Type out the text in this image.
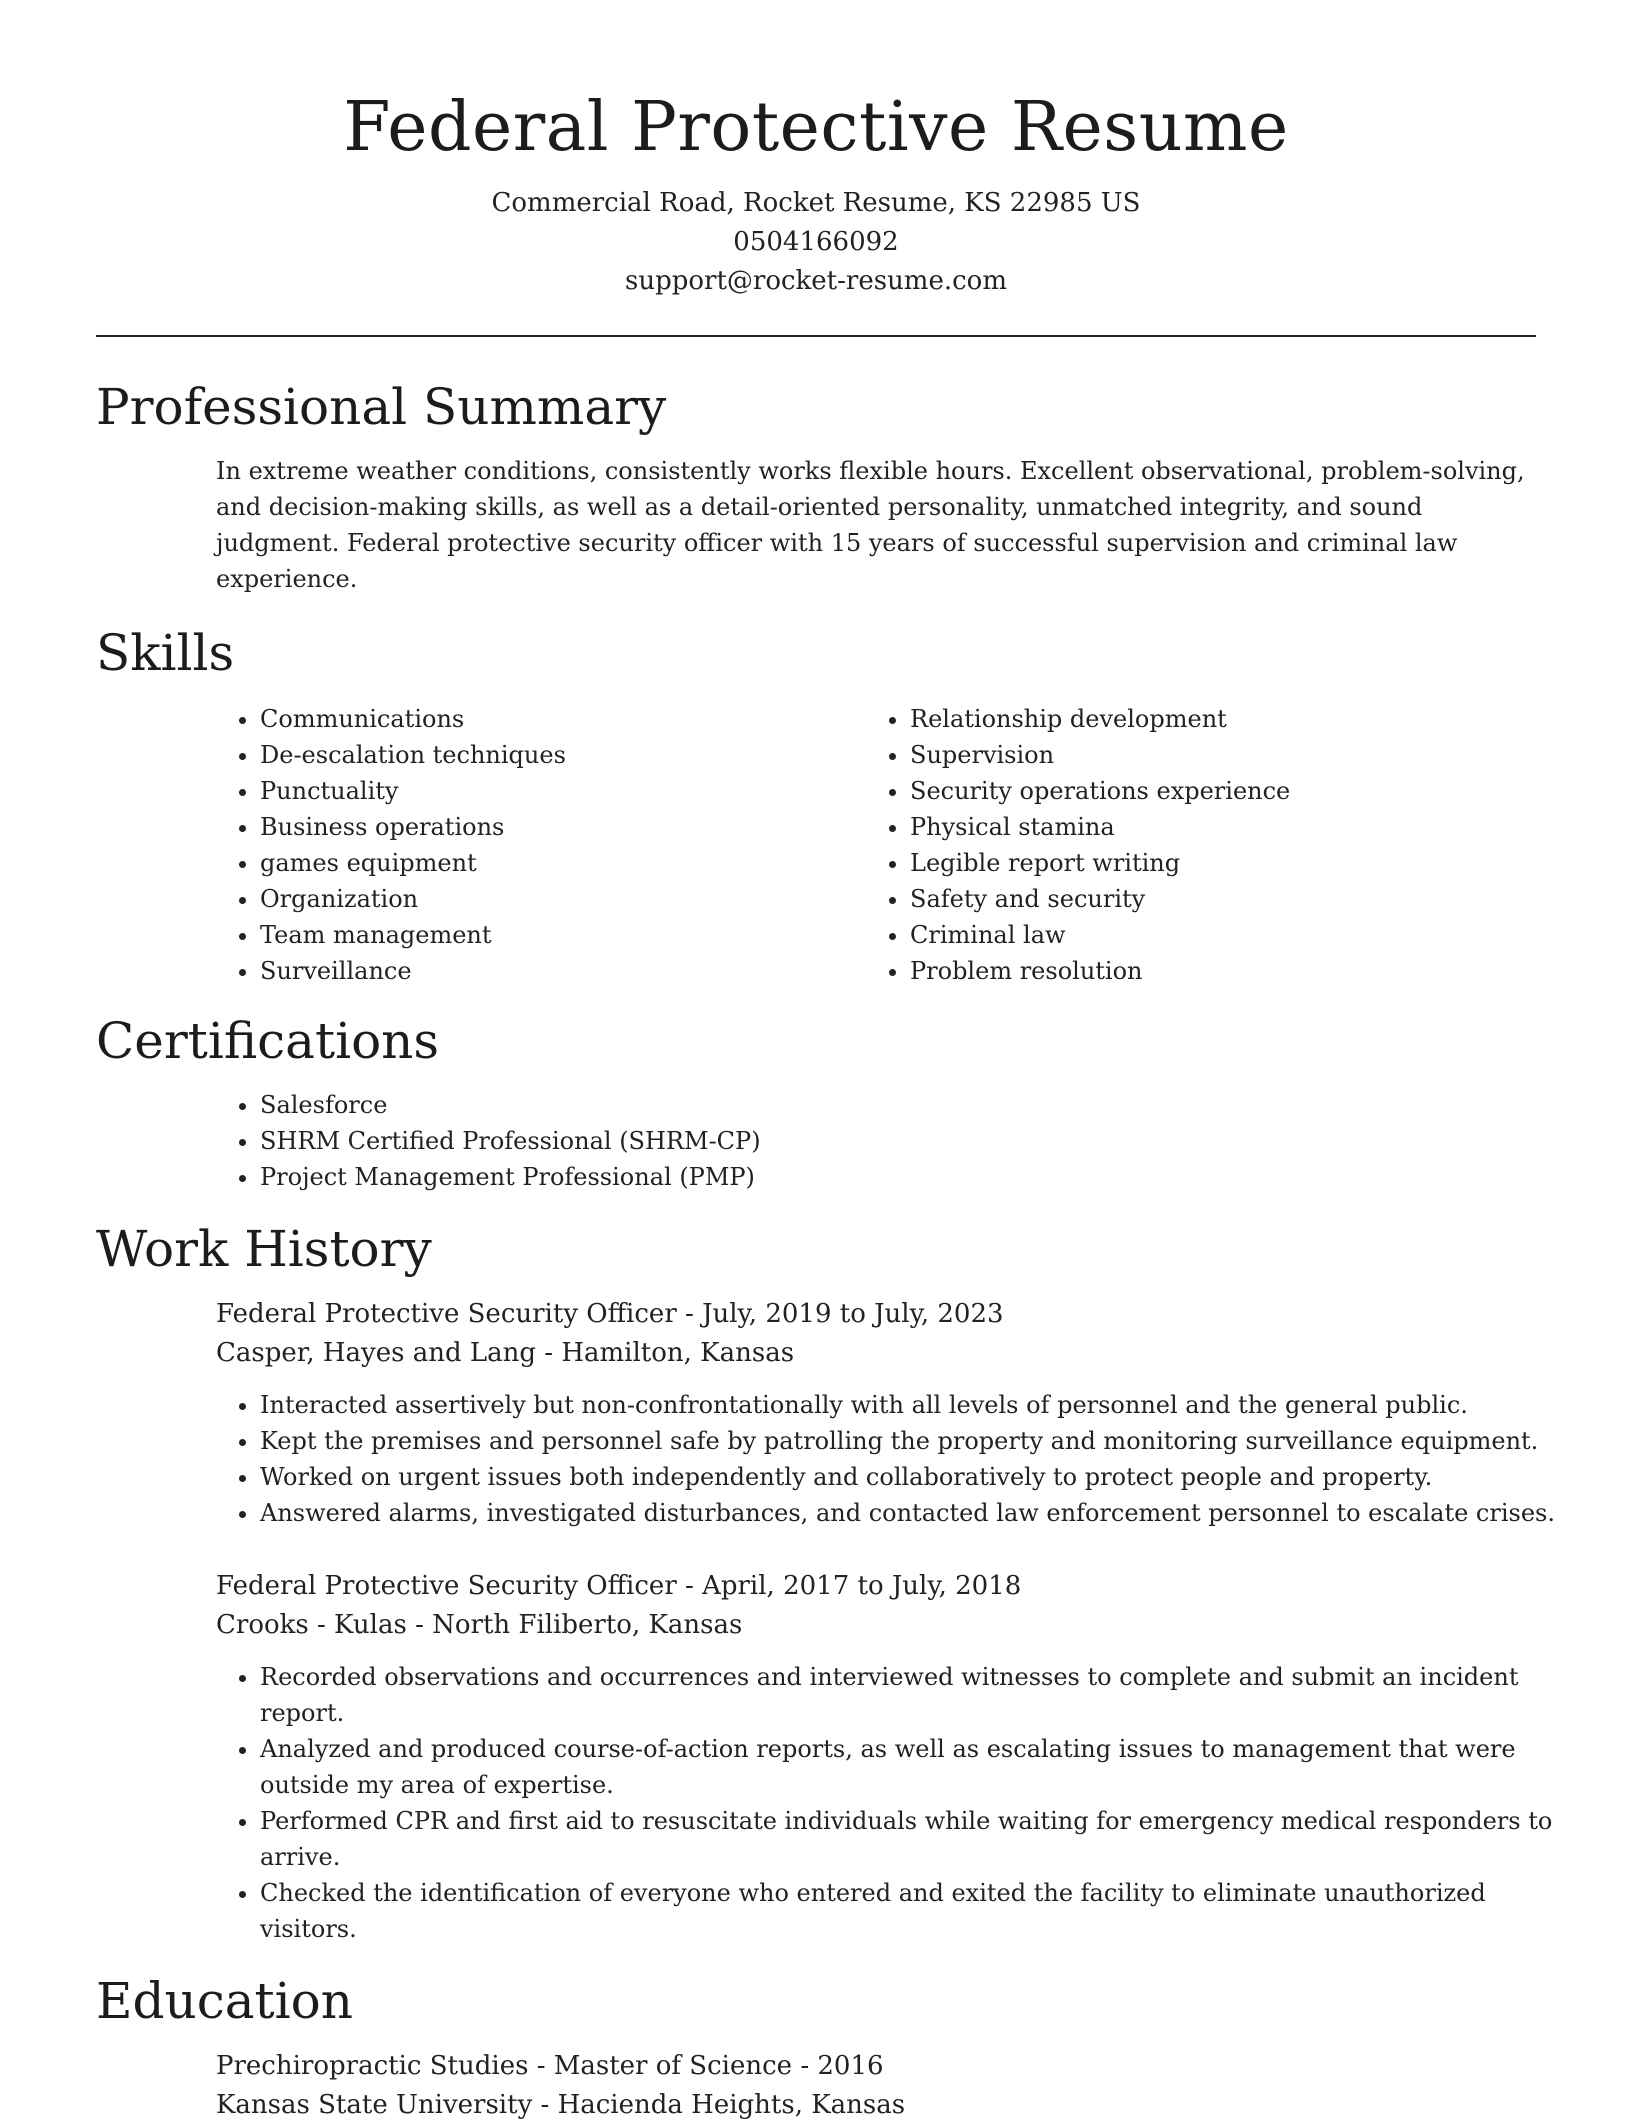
Federal Protective Resume
Commercial Road, Rocket Resume, KS 22985 US
0504166092
support@rocket-resume.com
Professional Summary

In extreme weather conditions, consistently works flexible hours. Excellent observational, problem-solving, and decision-making skills, as well as a detail-oriented personality, unmatched integrity, and sound judgment. Federal protective security officer with 15 years of successful supervision and criminal law experience.

Skills
• Communications
• De-escalation techniques
• Punctuality
• Business operations
• games equipment
• Organization
• Team management
• Surveillance
• Relationship development
• Supervision
• Security operations experience
• Physical stamina
• Legible report writing
• Safety and security
• Criminal law
• Problem resolution
Certifications
• Salesforce
• SHRM Certified Professional (SHRM-CP)
• Project Management Professional (PMP)
Work History
Federal Protective Security Officer - July, 2019 to July, 2023
Casper, Hayes and Lang - Hamilton, Kansas
• Interacted assertively but non-confrontationally with all levels of personnel and the general public.
• Kept the premises and personnel safe by patrolling the property and monitoring surveillance equipment.
• Worked on urgent issues both independently and collaboratively to protect people and property.
• Answered alarms, investigated disturbances, and contacted law enforcement personnel to escalate crises.
Federal Protective Security Officer - April, 2017 to July, 2018
Crooks - Kulas - North Filiberto, Kansas
• Recorded observations and occurrences and interviewed witnesses to complete and submit an incident report.
• Analyzed and produced course-of-action reports, as well as escalating issues to management that were outside my area of expertise.
• Performed CPR and first aid to resuscitate individuals while waiting for emergency medical responders to arrive.
• Checked the identification of everyone who entered and exited the facility to eliminate unauthorized visitors.
Education
Prechiropractic Studies - Master of Science - 2016
Kansas State University - Hacienda Heights, Kansas
